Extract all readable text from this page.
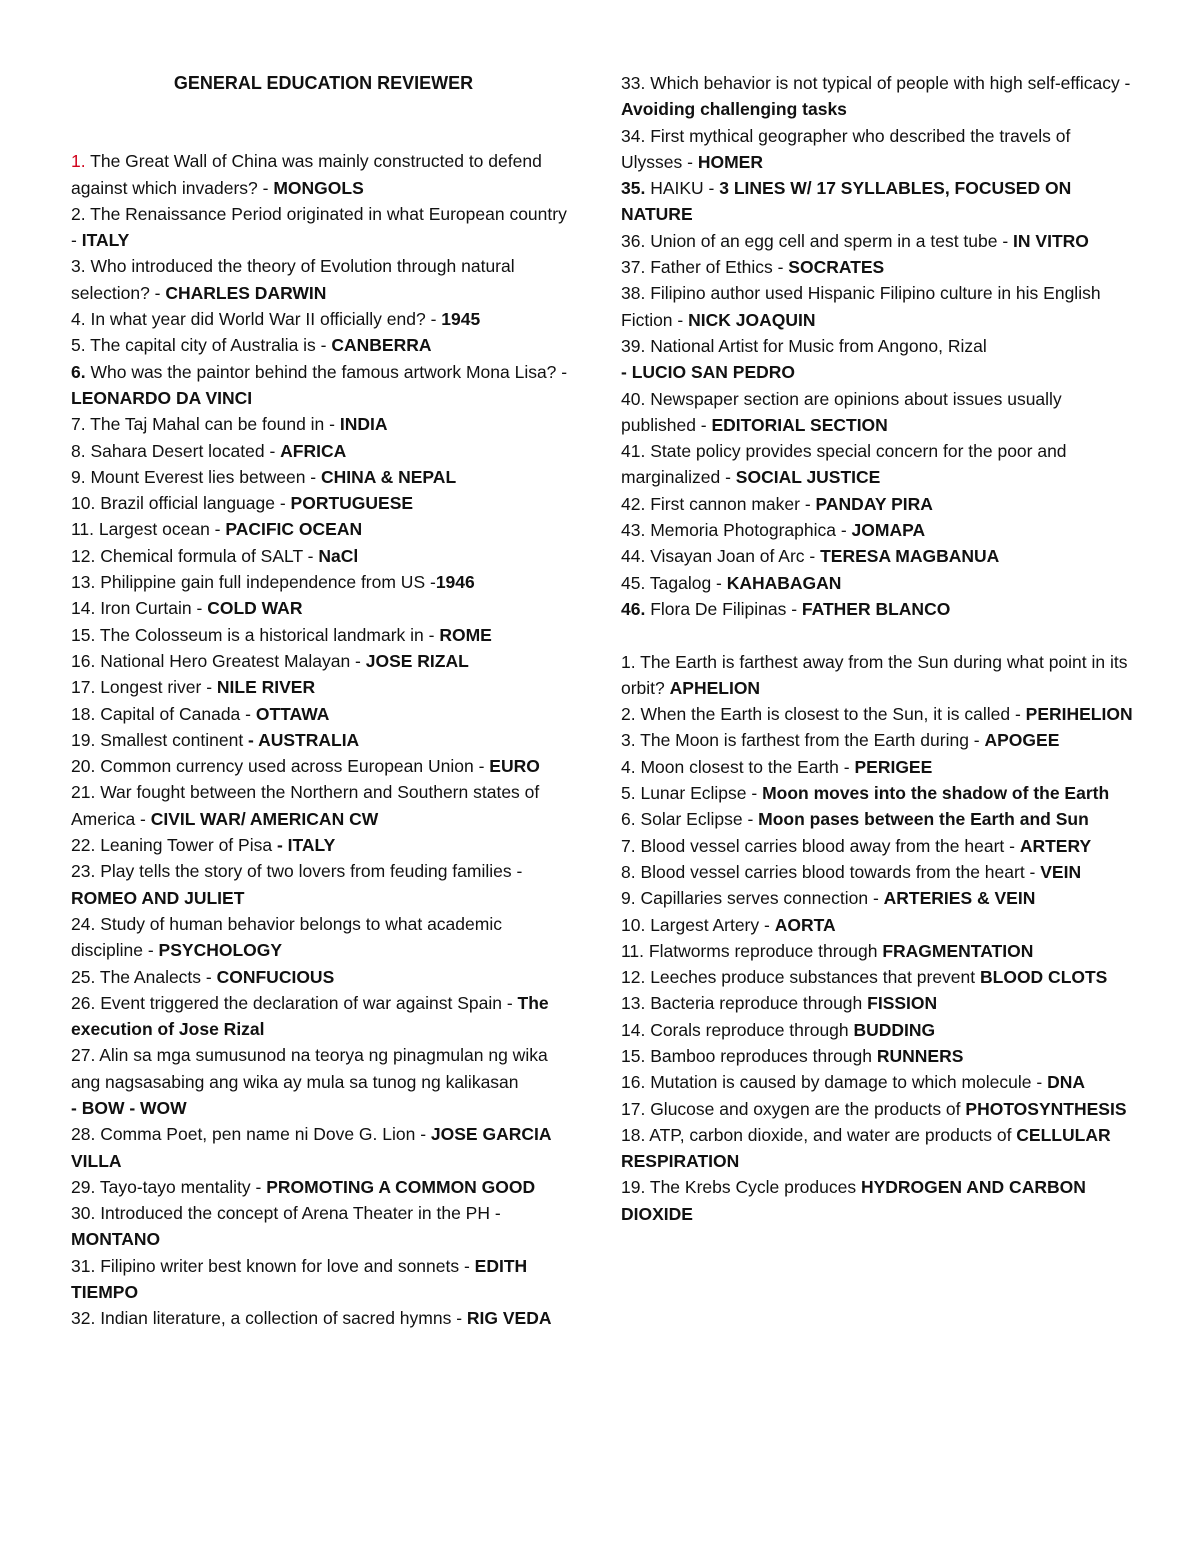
GENERAL EDUCATION REVIEWER
1. The Great Wall of China was mainly constructed to defend against which invaders? - MONGOLS
2. The Renaissance Period originated in what European country - ITALY
3. Who introduced the theory of Evolution through natural selection? - CHARLES DARWIN
4. In what year did World War II officially end? - 1945
5. The capital city of Australia is - CANBERRA
6. Who was the paintor behind the famous artwork Mona Lisa? - LEONARDO DA VINCI
7. The Taj Mahal can be found in - INDIA
8. Sahara Desert located - AFRICA
9. Mount Everest lies between - CHINA & NEPAL
10. Brazil official language - PORTUGUESE
11. Largest ocean - PACIFIC OCEAN
12. Chemical formula of SALT - NaCl
13. Philippine gain full independence from US -1946
14. Iron Curtain - COLD WAR
15. The Colosseum is a historical landmark in - ROME
16. National Hero Greatest Malayan - JOSE RIZAL
17. Longest river - NILE RIVER
18. Capital of Canada - OTTAWA
19. Smallest continent - AUSTRALIA
20. Common currency used across European Union - EURO
21. War fought between the Northern and Southern states of America - CIVIL WAR/ AMERICAN CW
22. Leaning Tower of Pisa - ITALY
23. Play tells the story of two lovers from feuding families - ROMEO AND JULIET
24. Study of human behavior belongs to what academic discipline - PSYCHOLOGY
25. The Analects - CONFUCIOUS
26. Event triggered the declaration of war against Spain - The execution of Jose Rizal
27. Alin sa mga sumusunod na teorya ng pinagmulan ng wika ang nagsasabing ang wika ay mula sa tunog ng kalikasan
- BOW - WOW
28. Comma Poet, pen name ni Dove G. Lion - JOSE GARCIA VILLA
29. Tayo-tayo mentality - PROMOTING A COMMON GOOD
30. Introduced the concept of Arena Theater in the PH - MONTANO
31. Filipino writer best known for love and sonnets - EDITH TIEMPO
32. Indian literature, a collection of sacred hymns - RIG VEDA
33. Which behavior is not typical of people with high self-efficacy - Avoiding challenging tasks
34. First mythical geographer who described the travels of Ulysses - HOMER
35. HAIKU - 3 LINES W/ 17 SYLLABLES, FOCUSED ON NATURE
36. Union of an egg cell and sperm in a test tube - IN VITRO
37. Father of Ethics - SOCRATES
38. Filipino author used Hispanic Filipino culture in his English Fiction - NICK JOAQUIN
39. National Artist for Music from Angono, Rizal
- LUCIO SAN PEDRO
40. Newspaper section are opinions about issues usually published - EDITORIAL SECTION
41. State policy provides special concern for the poor and marginalized - SOCIAL JUSTICE
42. First cannon maker - PANDAY PIRA
43. Memoria Photographica - JOMAPA
44. Visayan Joan of Arc - TERESA MAGBANUA
45. Tagalog - KAHABAGAN
46. Flora De Filipinas - FATHER BLANCO
1. The Earth is farthest away from the Sun during what point in its orbit? APHELION
2. When the Earth is closest to the Sun, it is called - PERIHELION
3. The Moon is farthest from the Earth during - APOGEE
4. Moon closest to the Earth - PERIGEE
5. Lunar Eclipse - Moon moves into the shadow of the Earth
6. Solar Eclipse - Moon pases between the Earth and Sun
7. Blood vessel carries blood away from the heart - ARTERY
8. Blood vessel carries blood towards from the heart - VEIN
9. Capillaries serves connection - ARTERIES & VEIN
10. Largest Artery - AORTA
11. Flatworms reproduce through FRAGMENTATION
12. Leeches produce substances that prevent BLOOD CLOTS
13. Bacteria reproduce through FISSION
14. Corals reproduce through BUDDING
15. Bamboo reproduces through RUNNERS
16. Mutation is caused by damage to which molecule - DNA
17. Glucose and oxygen are the products of PHOTOSYNTHESIS
18. ATP, carbon dioxide, and water are products of CELLULAR RESPIRATION
19. The Krebs Cycle produces HYDROGEN AND CARBON DIOXIDE
